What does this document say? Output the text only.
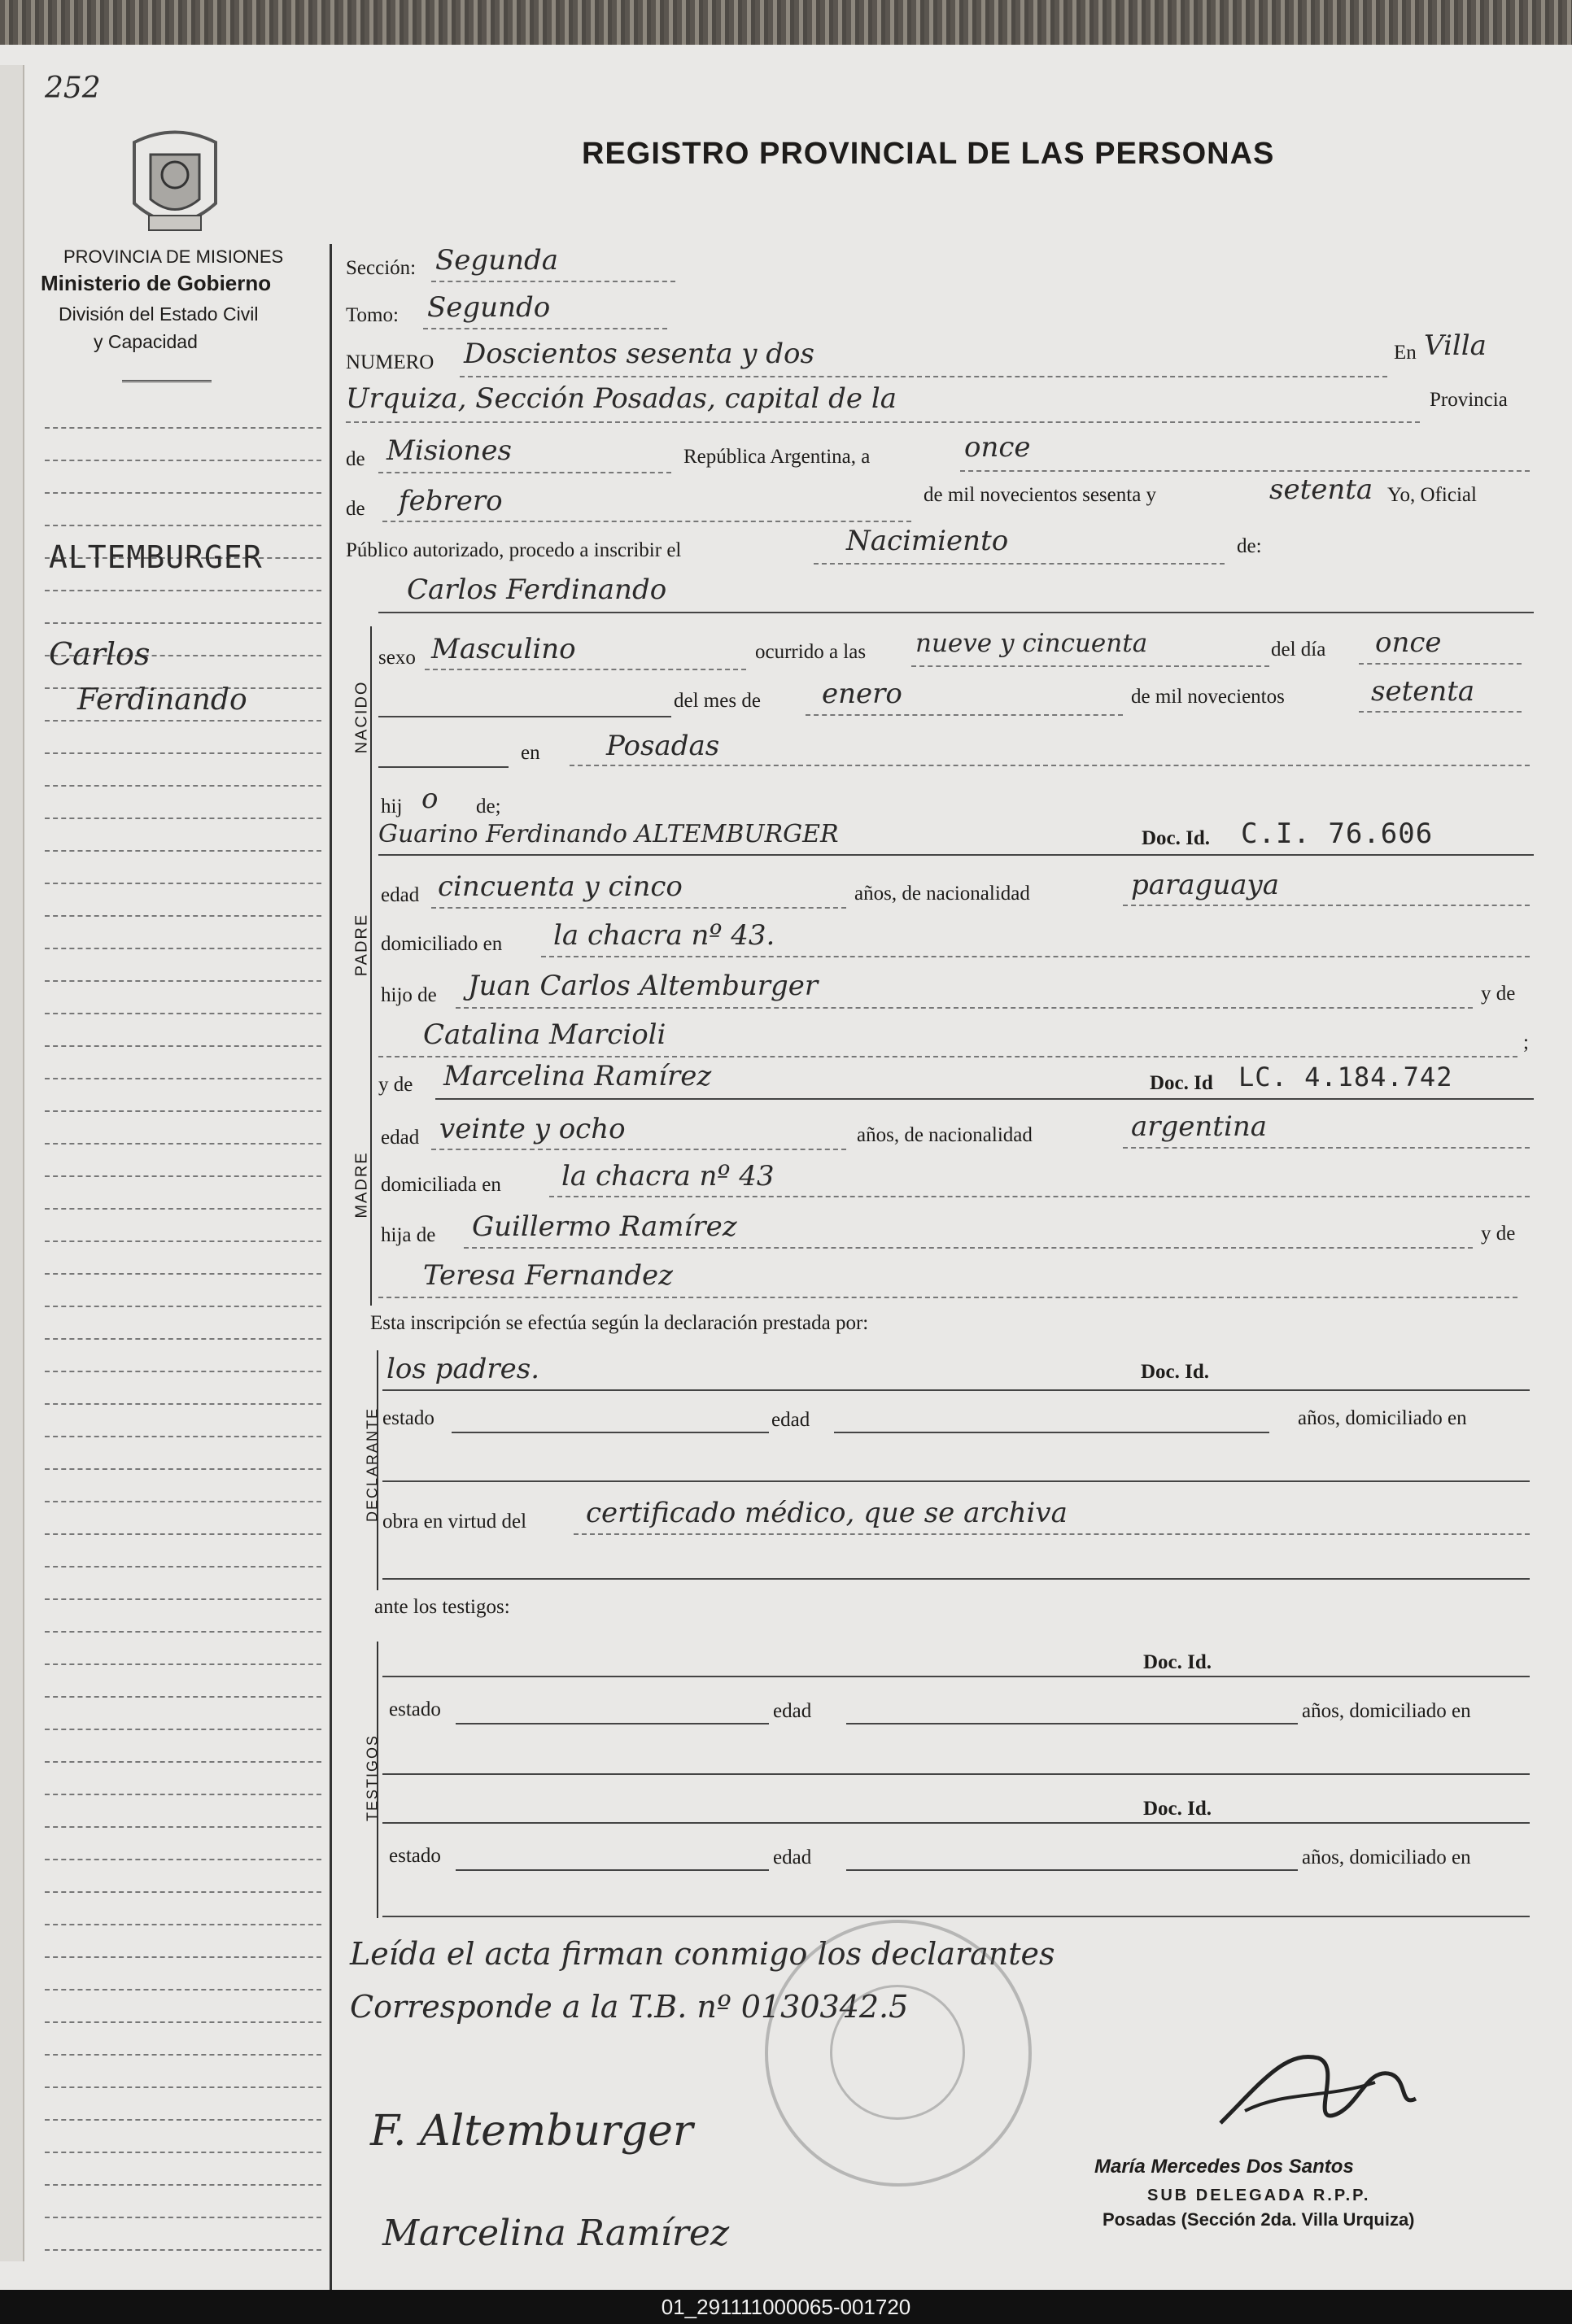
252
REGISTRO PROVINCIAL DE LAS PERSONAS
PROVINCIA DE MISIONES
Ministerio de Gobierno
División del Estado Civil
y Capacidad
ALTEMBURGER
Carlos
Ferdinando
Sección: Segunda
Tomo: Segundo
NUMERO Doscientos sesenta y dos	En Villa
Urquiza, Sección Posadas, capital de la	Provincia
de Misiones	República Argentina, a	once
de febrero	de mil novecientos sesenta y	setenta Yo, Oficial
Público autorizado, procedo a inscribir el	Nacimiento	de:
Carlos Ferdinando
NACIDO
sexo Masculino	ocurrido a las nueve y cincuenta	del día once
del mes de enero	de mil novecientos	setenta
en Posadas
hij o de;
PADRE
Guarino Ferdinando ALTEMBURGER	Doc. Id. C.I. 76.606
edad cincuenta y cinco	años, de nacionalidad	paraguaya
domiciliado en la chacra nº 43.
hijo de Juan Carlos Altemburger	y de
Catalina Marcioli	;
MADRE
y de Marcelina Ramírez	Doc. Id LC. 4.184.742
edad veinte y ocho	años, de nacionalidad	argentina
domiciliada en la chacra nº 43
hija de Guillermo Ramírez	y de
Teresa Fernandez
Esta inscripción se efectúa según la declaración prestada por:
DECLARANTE
los padres.	Doc. Id.
estado	edad	años, domiciliado en
obra en virtud del certificado médico, que se archiva
ante los testigos:
TESTIGOS
Doc. Id.
estado	edad	años, domiciliado en
Doc. Id.
estado	edad	años, domiciliado en
Leída el acta firman conmigo los declarantes
Corresponde a la T.B. nº 0130342.5
F. Altemburger
Marcelina Ramírez
María Mercedes Dos Santos
SUB DELEGADA R.P.P.
Posadas (Sección 2da. Villa Urquiza)
01_291111000065-001720
